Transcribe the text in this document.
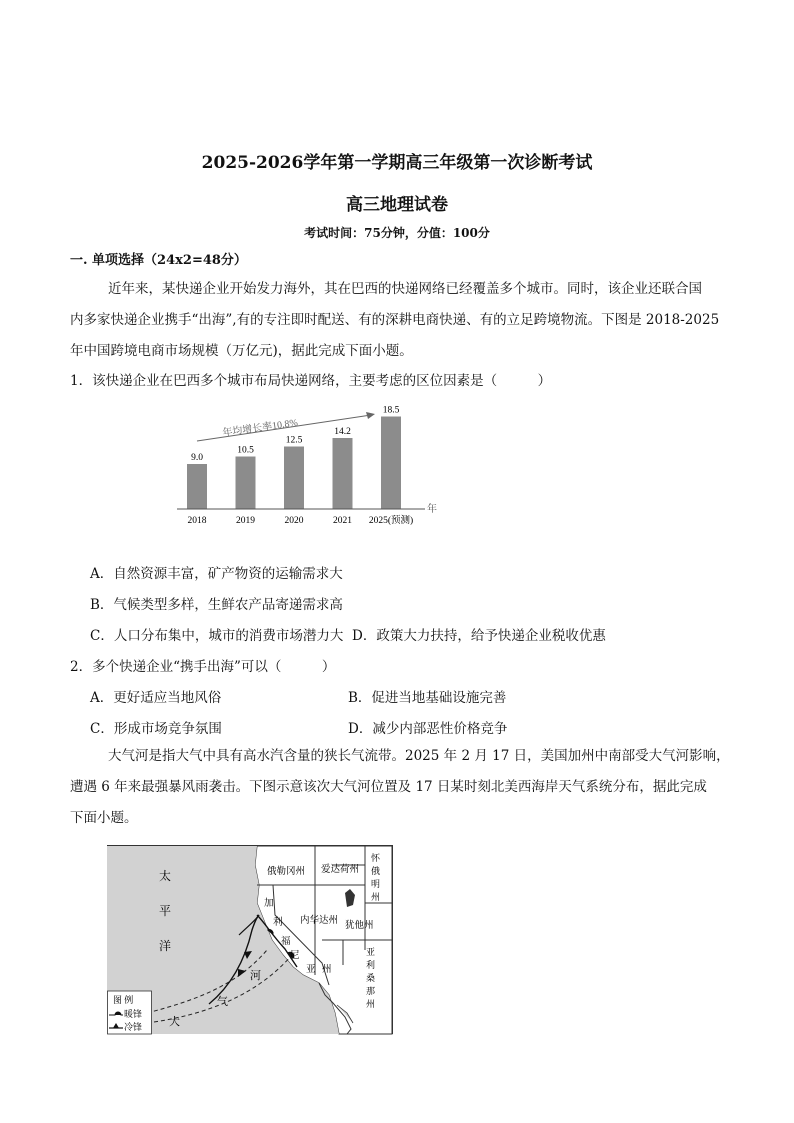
2025-2026学年第一学期高三年级第一次诊断考试
高三地理试卷
考试时间：75分钟，分值：100分
一. 单项选择（24x2=48分）
近年来，某快递企业开始发力海外，其在巴西的快递网络已经覆盖多个城市。同时，该企业还联合国
内多家快递企业携手“出海”,有的专注即时配送、有的深耕电商快递、有的立足跨境物流。下图是 2018-2025
年中国跨境电商市场规模（万亿元)，据此完成下面小题。
1．该快递企业在巴西多个城市布局快递网络，主要考虑的区位因素是（　　　）
9.0
2018
10.5
2019
12.5
2020
14.2
2021
18.5
2025(预测)
年
年均增长率10.8%
A．自然资源丰富，矿产物资的运输需求大
B．气候类型多样，生鲜农产品寄递需求高
C．人口分布集中，城市的消费市场潜力大 D．政策大力扶持，给予快递企业税收优惠
2．多个快递企业“携手出海”可以（　　　）
A．更好适应当地风俗	B．促进当地基础设施完善
C．形成市场竞争氛围	D．减少内部恶性价格竞争
大气河是指大气中具有高水汽含量的狭长气流带。2025 年 2 月 17 日，美国加州中南部受大气河影响，
遭遇 6 年来最强暴风雨袭击。下图示意该次大气河位置及 17 日某时刻北美西海岸天气系统分布，据此完成
下面小题。
太
平
洋
俄勒冈州 爱达荷州
怀
俄
明
州
内华达州 犹他州
亚
利
桑
那
州
加
利
福
尼
亚 州
大
气
河
图 例
暖锋
冷锋
